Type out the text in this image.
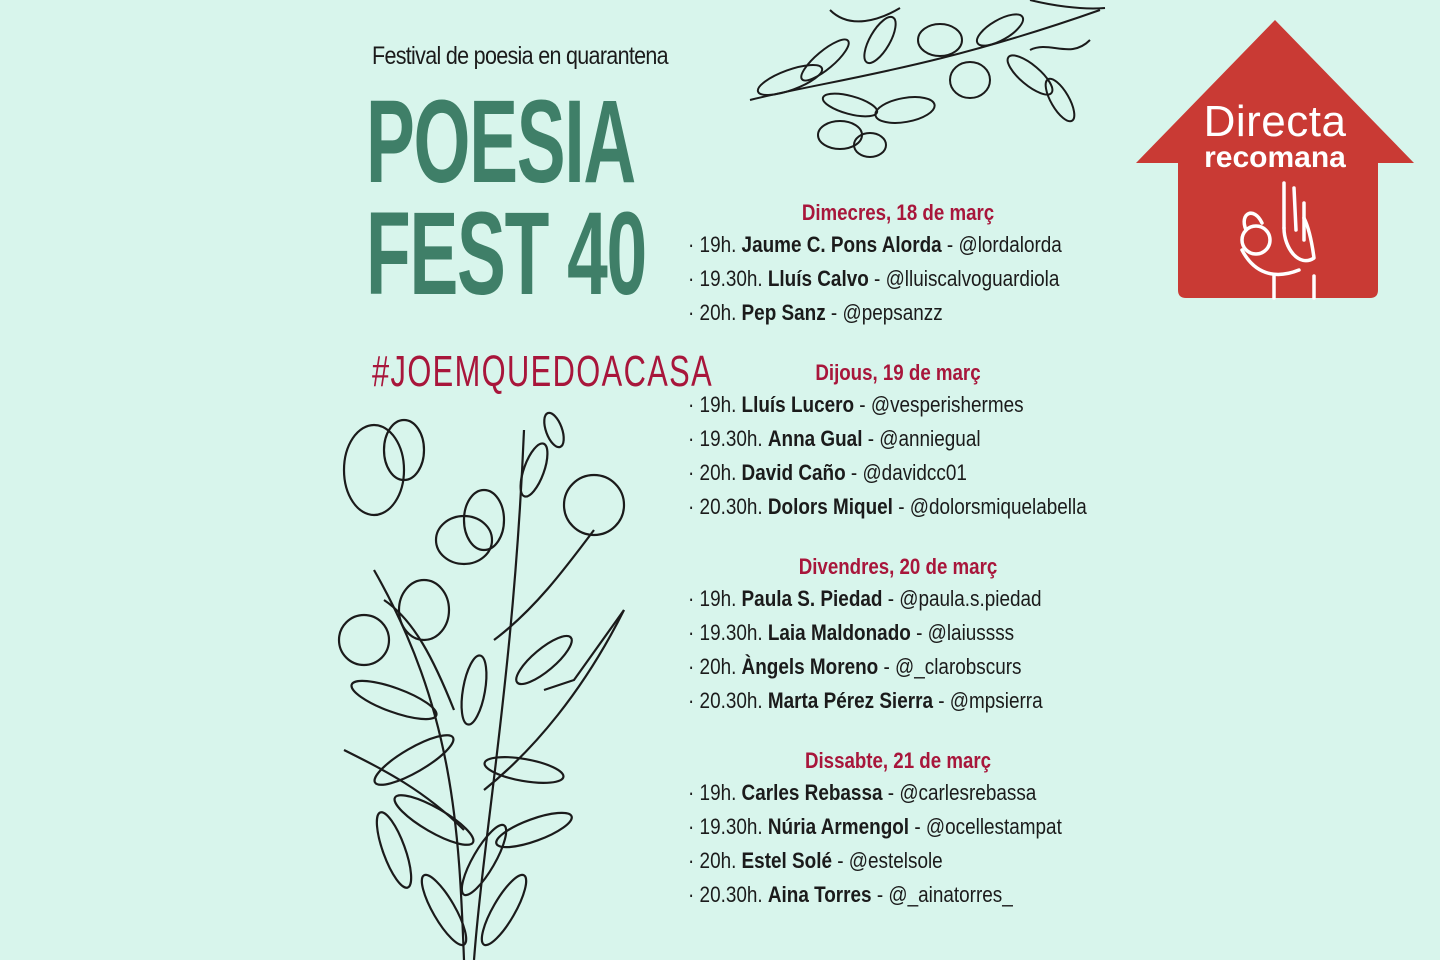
Festival de poesia en quarantena
POESIA
FEST 40
#JOEMQUEDOACASA
Dimecres, 18 de març
· 19h. Jaume C. Pons Alorda - @lordalorda
· 19.30h. Lluís Calvo - @lluiscalvoguardiola
· 20h. Pep Sanz - @pepsanzz
Dijous, 19 de març
· 19h. Lluís Lucero - @vesperishermes
· 19.30h. Anna Gual - @anniegual
· 20h. David Caño - @davidcc01
· 20.30h. Dolors Miquel - @dolorsmiquelabella
Divendres, 20 de març
· 19h. Paula S. Piedad - @paula.s.piedad
· 19.30h. Laia Maldonado - @laiussss
· 20h. Àngels Moreno - @_clarobscurs
· 20.30h. Marta Pérez Sierra - @mpsierra
Dissabte, 21 de març
· 19h. Carles Rebassa - @carlesrebassa
· 19.30h. Núria Armengol - @ocellestampat
· 20h. Estel Solé - @estelsole
· 20.30h. Aina Torres - @_ainatorres_
Directa
recomana
